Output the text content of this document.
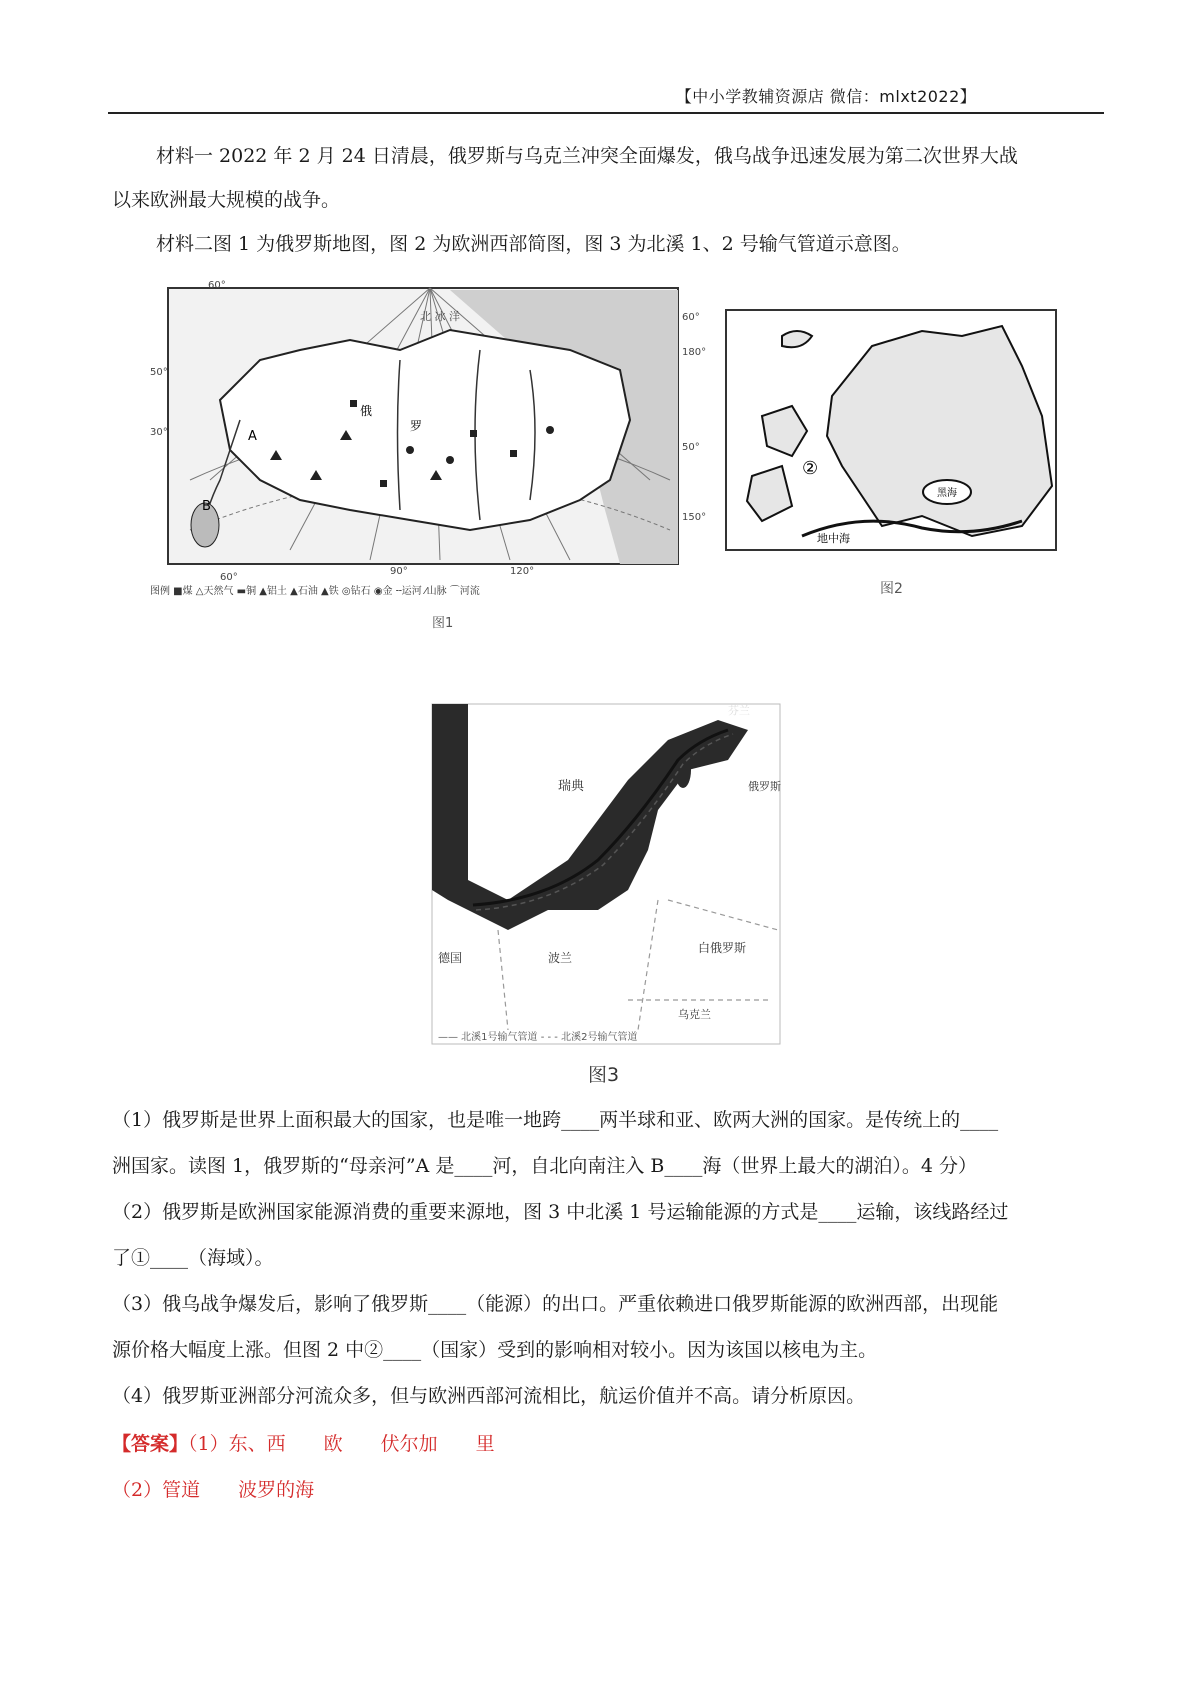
【中小学教辅资源店 微信：mlxt2022】
材料一 2022 年 2 月 24 日清晨，俄罗斯与乌克兰冲突全面爆发，俄乌战争迅速发展为第二次世界大战
以来欧洲最大规模的战争。
材料二图 1 为俄罗斯地图，图 2 为欧洲西部简图，图 3 为北溪 1、2 号输气管道示意图。
A
B
俄
罗
北 冰 洋
60°
50°
30°
60°
90°	120°
60°
180°
50°
150°
图例 ■煤 △天然气 ▬铜 ▲铝土 ▲石油 ▲铁 ◎钻石 ◉金 ╌运河 ⁄山脉 ⌒河流
图1
②
地中海
黑海
图2
瑞典
芬兰
俄罗斯
德国	波兰
白俄罗斯
乌克兰
—— 北溪1号输气管道 - - - 北溪2号输气管道
图3
（1）俄罗斯是世界上面积最大的国家，也是唯一地跨____两半球和亚、欧两大洲的国家。是传统上的____
洲国家。读图 1，俄罗斯的“母亲河”A 是____河，自北向南注入 B____海（世界上最大的湖泊）。4 分）
（2）俄罗斯是欧洲国家能源消费的重要来源地，图 3 中北溪 1 号运输能源的方式是____运输，该线路经过
了①____（海域）。
（3）俄乌战争爆发后，影响了俄罗斯____（能源）的出口。严重依赖进口俄罗斯能源的欧洲西部，出现能
源价格大幅度上涨。但图 2 中②____（国家）受到的影响相对较小。因为该国以核电为主。
（4）俄罗斯亚洲部分河流众多，但与欧洲西部河流相比，航运价值并不高。请分析原因。
【答案】（1）东、西 欧 伏尔加 里
（2）管道 波罗的海
